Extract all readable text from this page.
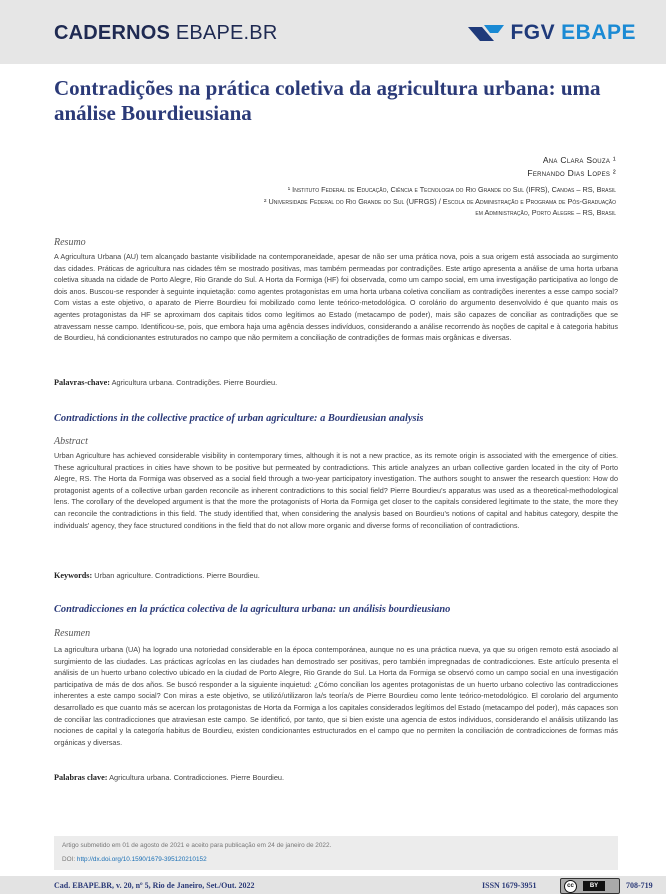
CADERNOS EBAPE.BR	FGV EBAPE
Contradições na prática coletiva da agricultura urbana: uma análise Bourdieusiana
Ana Clara Souza ¹
Fernando Dias Lopes ²
¹ Instituto Federal de Educação, Ciência e Tecnologia do Rio Grande do Sul (IFRS), Canoas – RS, Brasil
² Universidade Federal do Rio Grande do Sul (UFRGS) / Escola de Administração e Programa de Pós-Graduação
em Administração, Porto Alegre – RS, Brasil
Resumo

A Agricultura Urbana (AU) tem alcançado bastante visibilidade na contemporaneidade, apesar de não ser uma prática nova, pois a sua origem está associada ao surgimento das cidades. Práticas de agricultura nas cidades têm se mostrado positivas, mas também permeadas por contradições. Este artigo apresenta a análise de uma horta urbana coletiva situada na cidade de Porto Alegre, Rio Grande do Sul. A Horta da Formiga (HF) foi observada, como um campo social, em uma investigação participativa ao longo de dois anos. Buscou-se responder à seguinte inquietação: como agentes protagonistas em uma horta urbana coletiva conciliam as contradições inerentes a esse campo social? Com vistas a este objetivo, o aparato de Pierre Bourdieu foi mobilizado como lente teórico-metodológica. O corolário do argumento desenvolvido é que quanto mais os agentes protagonistas da HF se aproximam dos capitais tidos como legítimos ao Estado (metacampo de poder), mais são capazes de conciliar as contradições que se atravessam nesse campo. Identificou-se, pois, que embora haja uma agência desses indivíduos, considerando a análise recorrendo às noções de capital e à categoria habitus de Bourdieu, há condicionantes estruturados no campo que não permitem a conciliação de contradições de formas mais orgânicas e diversas.

Palavras-chave: Agricultura urbana. Contradições. Pierre Bourdieu.
Contradictions in the collective practice of urban agriculture: a Bourdieusian analysis
Abstract

Urban Agriculture has achieved considerable visibility in contemporary times, although it is not a new practice, as its remote origin is associated with the emergence of cities. These agricultural practices in cities have shown to be positive but permeated by contradictions. This article analyzes an urban collective garden located in the city of Porto Alegre, RS. The Horta da Formiga was observed as a social field through a two-year participatory investigation. The authors sought to answer the research question: How do protagonist agents of a collective urban garden reconcile as inherent contradictions to this social field? Pierre Bourdieu's apparatus was used as a theoretical-methodological lens. The corollary of the developed argument is that the more the protagonists of Horta da Formiga get closer to the capitals considered legitimate to the state, the more they can reconcile the contradictions in this field. The study identified that, when considering the analysis based on Bourdieu's notions of capital and habitus category, despite the individuals' agency, they face structured conditions in the field that do not allow more organic and diverse forms of reconciliation of contradictions.

Keywords: Urban agriculture. Contradictions. Pierre Bourdieu.
Contradicciones en la práctica colectiva de la agricultura urbana: un análisis bourdieusiano
Resumen

La agricultura urbana (UA) ha logrado una notoriedad considerable en la época contemporánea, aunque no es una práctica nueva, ya que su origen remoto está asociado al surgimiento de las ciudades. Las prácticas agrícolas en las ciudades han demostrado ser positivas, pero también impregnadas de contradicciones. Este artículo presenta el análisis de un huerto urbano colectivo ubicado en la ciudad de Porto Alegre, Rio Grande do Sul. La Horta da Formiga se observó como un campo social en una investigación participativa de más de dos años. Se buscó responder a la siguiente inquietud: ¿Cómo concilian los agentes protagonistas de un huerto urbano colectivo las contradicciones inherentes a este campo social? Con miras a este objetivo, se utilizó/utilizaron la/s teoría/s de Pierre Bourdieu como lente teórico-metodológico. El corolario del argumento desarrollado es que cuanto más se acercan los protagonistas de Horta da Formiga a los capitales considerados legítimos del Estado (metacampo del poder), más capaces son de conciliar las contradicciones que atraviesan este campo. Se identificó, por tanto, que si bien existe una agencia de estos individuos, considerando el análisis utilizando las nociones de capital y la categoría habitus de Bourdieu, existen condicionantes estructurados en el campo que no permiten la conciliación de contradicciones de formas más orgánicas y diversas.

Palabras clave: Agricultura urbana. Contradicciones. Pierre Bourdieu.
Artigo submetido em 01 de agosto de 2021 e aceito para publicação em 24 de janeiro de 2022.
DOI: http://dx.doi.org/10.1590/1679-395120210152
Cad. EBAPE.BR, v. 20, nº 5, Rio de Janeiro, Set./Out. 2022	ISSN 1679-3951	cc	BY	708-719
